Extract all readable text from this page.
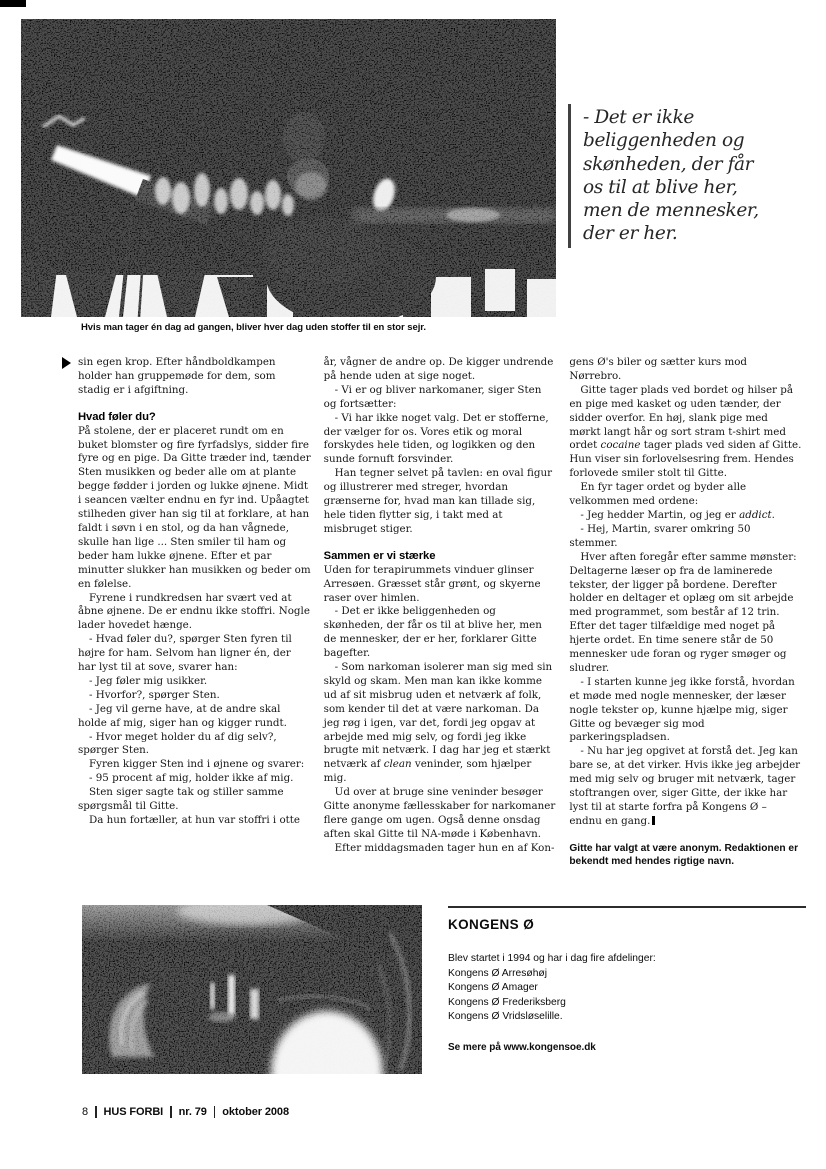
Hvis man tager én dag ad gangen, bliver hver dag uden stoffer til en stor sejr.
- Det er ikke
beliggenheden og
skønheden, der får
os til at blive her,
men de mennesker,
der er her.

sin egen krop. Efter håndboldkampen holder han gruppemøde for dem, som stadig er i afgiftning.

Hvad føler du?

På stolene, der er placeret rundt om en buket blomster og fire fyrfadslys, sidder fire fyre og en pige. Da Gitte træder ind, tænder Sten musikken og beder alle om at plante begge fødder i jorden og lukke øjnene. Midt i seancen vælter endnu en fyr ind. Upåagtet stilheden giver han sig til at forklare, at han faldt i søvn i en stol, og da han vågnede, skulle han lige ... Sten smiler til ham og beder ham lukke øjnene. Efter et par minutter slukker han musikken og beder om en følelse.

Fyrene i rundkredsen har svært ved at åbne øjnene. De er endnu ikke stoffri. Nogle lader hovedet hænge.

- Hvad føler du?, spørger Sten fyren til højre for ham. Selvom han ligner én, der har lyst til at sove, svarer han:

- Jeg føler mig usikker.

- Hvorfor?, spørger Sten.

- Jeg vil gerne have, at de andre skal holde af mig, siger han og kigger rundt.

- Hvor meget holder du af dig selv?, spørger Sten.

Fyren kigger Sten ind i øjnene og svarer:

- 95 procent af mig, holder ikke af mig.

Sten siger sagte tak og stiller samme spørgsmål til Gitte.

Da hun fortæller, at hun var stoffri i otte

år, vågner de andre op. De kigger undrende på hende uden at sige noget.

- Vi er og bliver narkomaner, siger Sten og fortsætter:

- Vi har ikke noget valg. Det er stofferne, der vælger for os. Vores etik og moral forskydes hele tiden, og logikken og den sunde fornuft forsvinder.

Han tegner selvet på tavlen: en oval figur og illustrerer med streger, hvordan grænserne for, hvad man kan tillade sig, hele tiden flytter sig, i takt med at misbruget stiger.

Sammen er vi stærke

Uden for terapirummets vinduer glinser Arresøen. Græsset står grønt, og skyerne raser over himlen.

- Det er ikke beliggenheden og skønheden, der får os til at blive her, men de mennesker, der er her, forklarer Gitte bagefter.

- Som narkoman isolerer man sig med sin skyld og skam. Men man kan ikke komme ud af sit misbrug uden et netværk af folk, som kender til det at være narkoman. Da jeg røg i igen, var det, fordi jeg opgav at arbejde med mig selv, og fordi jeg ikke brugte mit netværk. I dag har jeg et stærkt netværk af clean veninder, som hjælper mig.

Ud over at bruge sine veninder besøger Gitte anonyme fællesskaber for narkomaner flere gange om ugen. Også denne onsdag aften skal Gitte til NA-møde i København.

Efter middagsmaden tager hun en af Kon-

gens Ø's biler og sætter kurs mod Nørrebro.

Gitte tager plads ved bordet og hilser på en pige med kasket og uden tænder, der sidder overfor. En høj, slank pige med mørkt langt hår og sort stram t-shirt med ordet cocaine tager plads ved siden af Gitte. Hun viser sin forlovelsesring frem. Hendes forlovede smiler stolt til Gitte.

En fyr tager ordet og byder alle velkommen med ordene:

- Jeg hedder Martin, og jeg er addict.

- Hej, Martin, svarer omkring 50 stemmer.

Hver aften foregår efter samme mønster: Deltagerne læser op fra de laminerede tekster, der ligger på bordene. Derefter holder en deltager et oplæg om sit arbejde med programmet, som består af 12 trin. Efter det tager tilfældige med noget på hjerte ordet. En time senere står de 50 mennesker ude foran og ryger smøger og sludrer.

- I starten kunne jeg ikke forstå, hvordan et møde med nogle mennesker, der læser nogle tekster op, kunne hjælpe mig, siger Gitte og bevæger sig mod parkeringspladsen.

- Nu har jeg opgivet at forstå det. Jeg kan bare se, at det virker. Hvis ikke jeg arbejder med mig selv og bruger mit netværk, tager stoftrangen over, siger Gitte, der ikke har lyst til at starte forfra på Kongens Ø – endnu en gang.

Gitte har valgt at være anonym. Redaktionen er bekendt med hendes rigtige navn.

KONGENS Ø

Blev startet i 1994 og har i dag fire afdelinger:

Kongens Ø Arresøhøj
Kongens Ø Amager
Kongens Ø Frederiksberg
Kongens Ø Vridsløselille.

Se mere på www.kongensoe.dk

8 HUS FORBI nr. 79 oktober 2008
